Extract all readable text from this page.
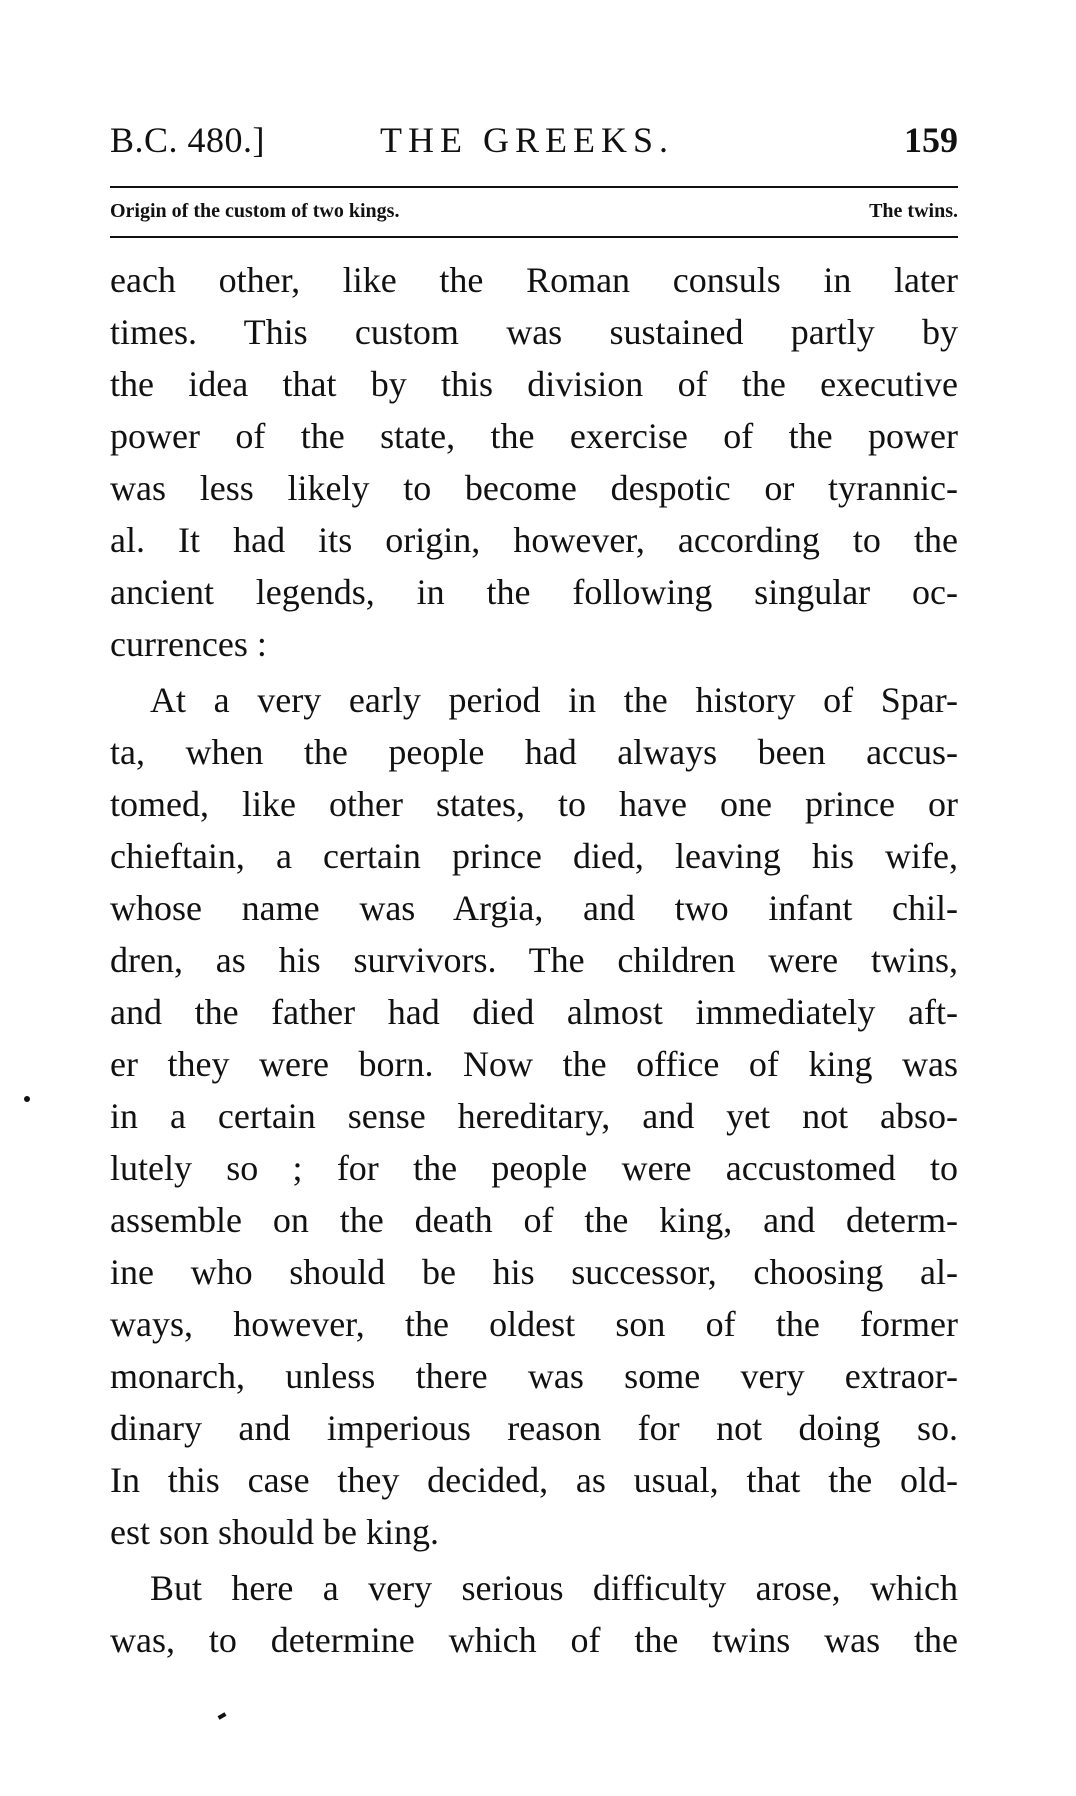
B.C. 480.]	THE GREEKS.	159
Origin of the custom of two kings.	The twins.
each other, like the Roman consuls in later
times. This custom was sustained partly by
the idea that by this division of the executive
power of the state, the exercise of the power
was less likely to become despotic or tyrannic-
al. It had its origin, however, according to the
ancient legends, in the following singular oc-
currences :
At a very early period in the history of Spar-
ta, when the people had always been accus-
tomed, like other states, to have one prince or
chieftain, a certain prince died, leaving his wife,
whose name was Argia, and two infant chil-
dren, as his survivors. The children were twins,
and the father had died almost immediately aft-
er they were born. Now the office of king was
in a certain sense hereditary, and yet not abso-
lutely so ; for the people were accustomed to
assemble on the death of the king, and determ-
ine who should be his successor, choosing al-
ways, however, the oldest son of the former
monarch, unless there was some very extraor-
dinary and imperious reason for not doing so.
In this case they decided, as usual, that the old-
est son should be king.
But here a very serious difficulty arose, which
was, to determine which of the twins was the
